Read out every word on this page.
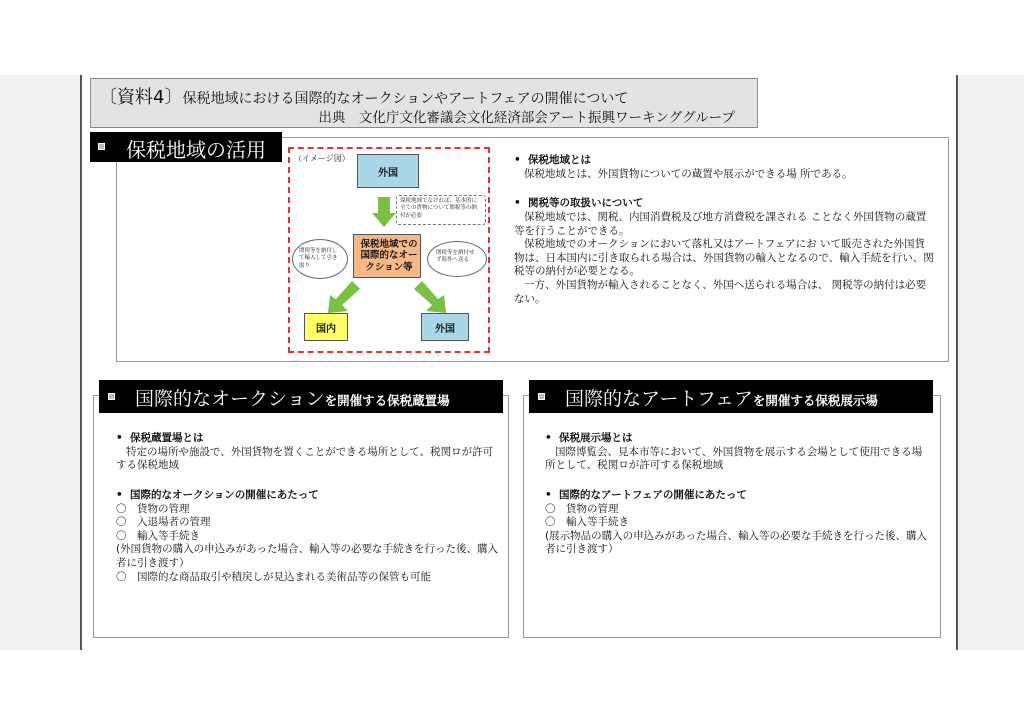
〔資料4〕保税地域における国際的なオークションやアートフェアの開催について
出典　文化庁文化審議会文化経済部会アート振興ワーキンググループ
保税地域の活用	（イメージ図）
外国
保税地域でなければ、基本的に全ての貨物について関税等の納付が必要
関税等を納付して輸入して引き取り
保税地域での国際的なオークション等
関税等を納付せず海外へ送る
国内	外国
• 保税地域とは
保税地域とは、外国貨物についての蔵置や展示ができる場 所である。
• 関税等の取扱いについて
保税地域では、関税、内国消費税及び地方消費税を課される ことなく外国貨物の蔵置等を行うことができる。
保税地域でのオークションにおいて落札又はアートフェアにお いて販売された外国貨物は、日本国内に引き取られる場合は、外国貨物の輸入となるので、輸入手続を行い、関税等の納付が必要となる。
一方、外国貨物が輸入されることなく、外国へ送られる場合は、 関税等の納付は必要ない。
国際的なオークションを開催する保税蔵置場
• 保税蔵置場とは
特定の場所や施設で、外国貨物を置くことができる場所として、税関ロが許可する保税地域
• 国際的なオークションの開催にあたって
〇　貨物の管理
〇　入退場者の管理
〇　輸入等手続き
(外国貨物の購入の申込みがあった場合、輸入等の必要な手続きを行った後、購入者に引き渡す）
〇　国際的な商品取引や積戻しが見込まれる美術品等の保管も可能
国際的なアートフェアを開催する保税展示場
• 保税展示場とは
国際博覧会、見本市等において、外国貨物を展示する会場として使用できる場所として、税関ロが許可する保税地域
• 国際的なアートフェアの開催にあたって
〇　貨物の管理
〇　輸入等手続き
(展示物品の購入の申込みがあった場合、輸入等の必要な手続きを行った後、購入者に引き渡す）
